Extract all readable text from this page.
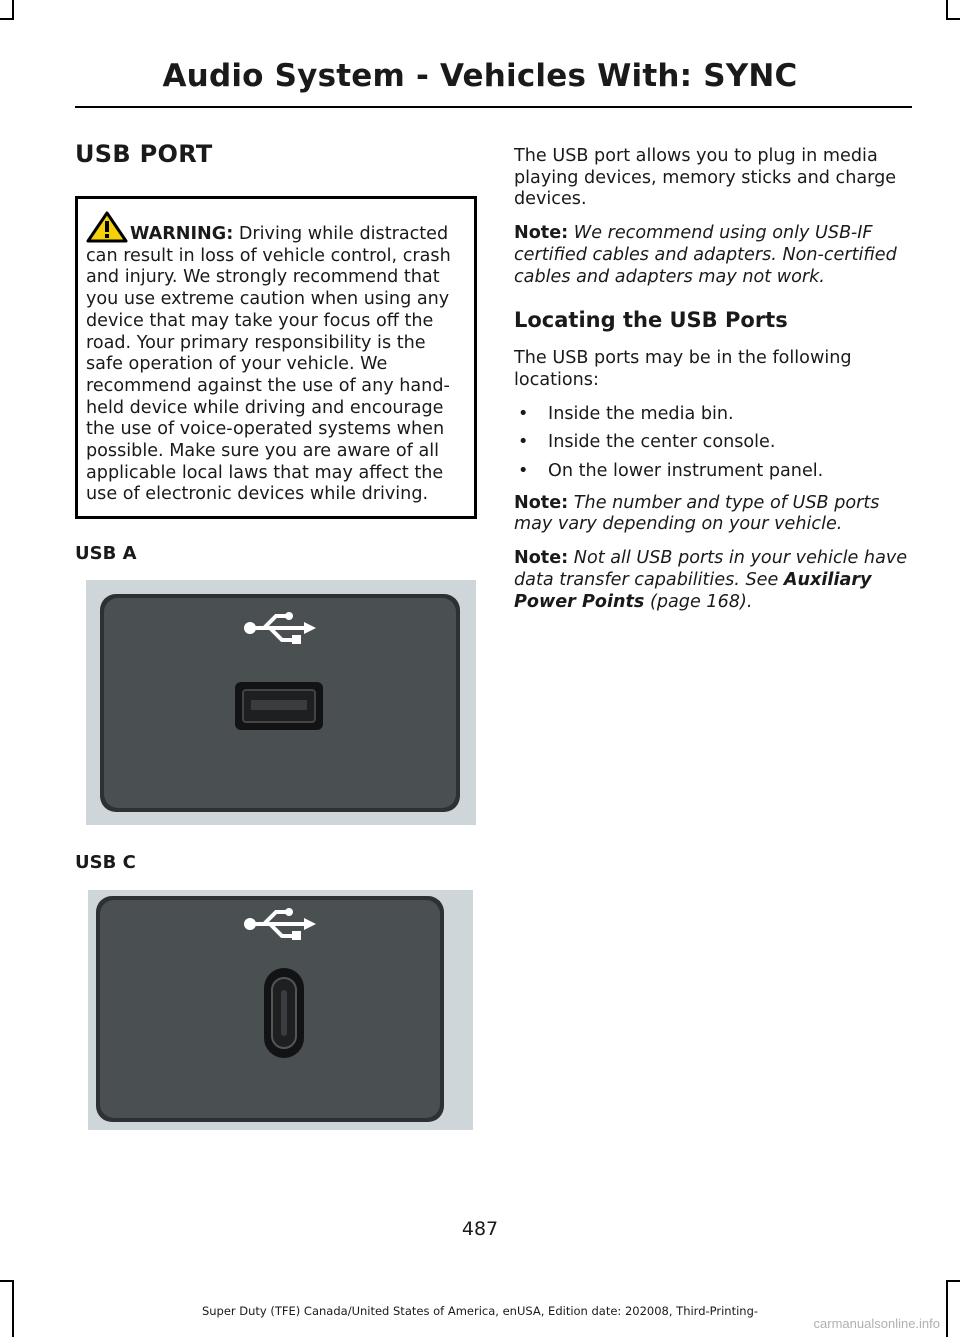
Audio System - Vehicles With: SYNC
USB PORT
WARNING: Driving while distracted can result in loss of vehicle control, crash and injury. We strongly recommend that you use extreme caution when using any device that may take your focus off the road. Your primary responsibility is the safe operation of your vehicle. We recommend against the use of any hand-held device while driving and encourage the use of voice-operated systems when possible. Make sure you are aware of all applicable local laws that may affect the use of electronic devices while driving.
USB A
USB C

The USB port allows you to plug in media playing devices, memory sticks and charge devices.

Note: We recommend using only USB-IF certified cables and adapters. Non-certified cables and adapters may not work.

Locating the USB Ports

The USB ports may be in the following locations:

• Inside the media bin.
• Inside the center console.
• On the lower instrument panel.

Note: The number and type of USB ports may vary depending on your vehicle.

Note: Not all USB ports in your vehicle have data transfer capabilities. See Auxiliary Power Points (page 168).

487
Super Duty (TFE) Canada/United States of America, enUSA, Edition date: 202008, Third-Printing-
carmanualsonline.info
